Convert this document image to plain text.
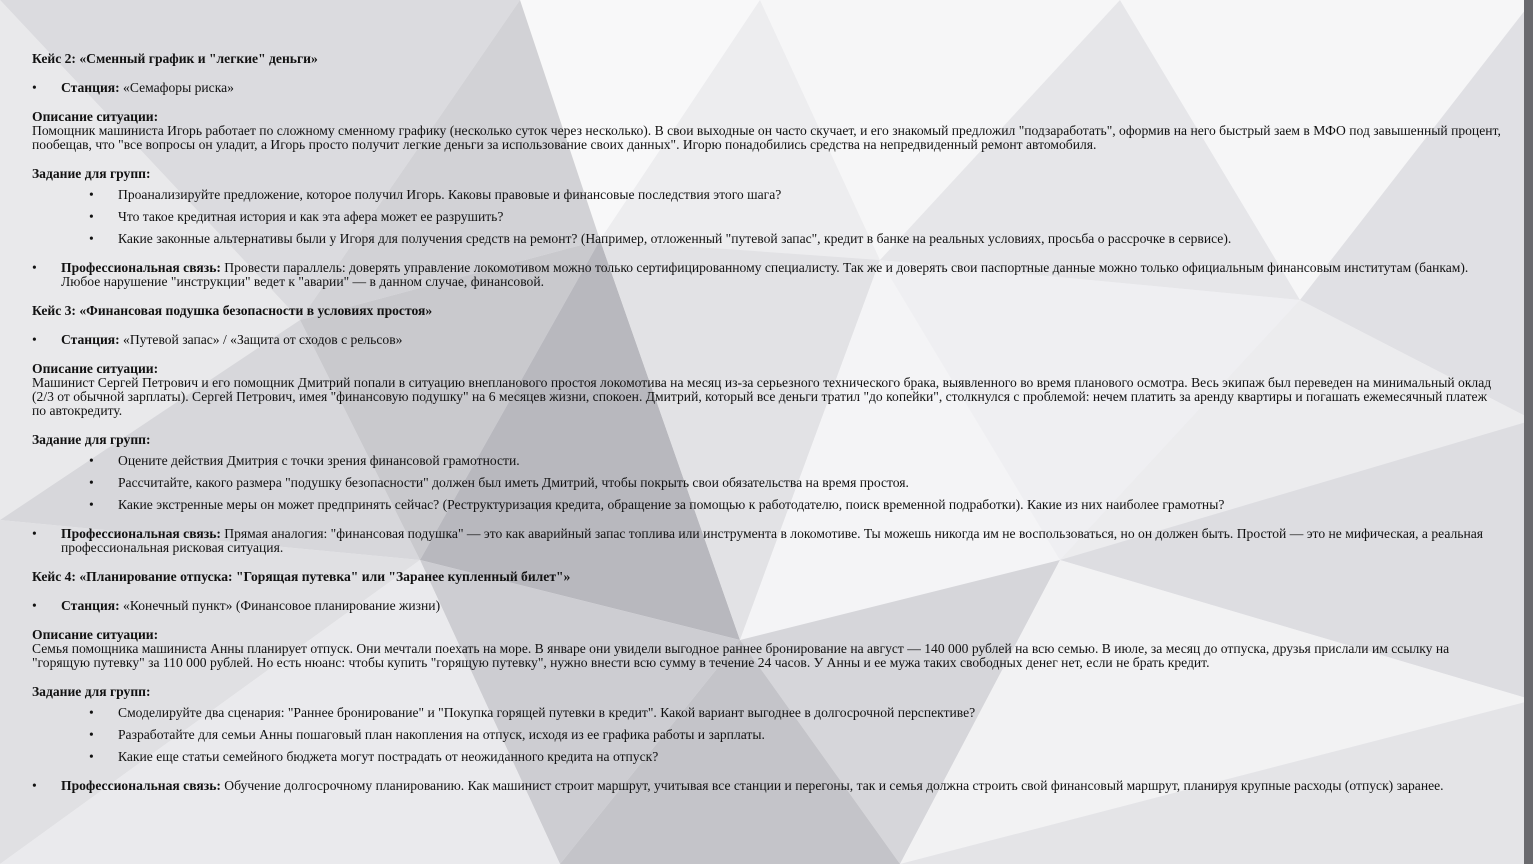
Кейс 2: «Сменный график и "легкие" деньги»

•	Станция: «Семафоры риска»

Описание ситуации:

Помощник машиниста Игорь работает по сложному сменному графику (несколько суток через несколько). В свои выходные он часто скучает, и его знакомый предложил "подзаработать", оформив на него быстрый заем в МФО под завышенный процент, пообещав, что "все вопросы он уладит, а Игорь просто получит легкие деньги за использование своих данных". Игорю понадобились средства на непредвиденный ремонт автомобиля.

Задание для групп:

• Проанализируйте предложение, которое получил Игорь. Каковы правовые и финансовые последствия этого шага?

• Что такое кредитная история и как эта афера может ее разрушить?

• Какие законные альтернативы были у Игоря для получения средств на ремонт? (Например, отложенный "путевой запас", кредит в банке на реальных условиях, просьба о рассрочке в сервисе).

•	Профессиональная связь: Провести параллель: доверять управление локомотивом можно только сертифицированному специалисту. Так же и доверять свои паспортные данные можно только официальным финансовым институтам (банкам). Любое нарушение "инструкции" ведет к "аварии" — в данном случае, финансовой.

Кейс 3: «Финансовая подушка безопасности в условиях простоя»

•	Станция: «Путевой запас» / «Защита от сходов с рельсов»

Описание ситуации:

Машинист Сергей Петрович и его помощник Дмитрий попали в ситуацию внепланового простоя локомотива на месяц из-за серьезного технического брака, выявленного во время планового осмотра. Весь экипаж был переведен на минимальный оклад (2/3 от обычной зарплаты). Сергей Петрович, имея "финансовую подушку" на 6 месяцев жизни, спокоен. Дмитрий, который все деньги тратил "до копейки", столкнулся с проблемой: нечем платить за аренду квартиры и погашать ежемесячный платеж по автокредиту.

Задание для групп:

• Оцените действия Дмитрия с точки зрения финансовой грамотности.

• Рассчитайте, какого размера "подушку безопасности" должен был иметь Дмитрий, чтобы покрыть свои обязательства на время простоя.

• Какие экстренные меры он может предпринять сейчас? (Реструктуризация кредита, обращение за помощью к работодателю, поиск временной подработки). Какие из них наиболее грамотны?

•	Профессиональная связь: Прямая аналогия: "финансовая подушка" — это как аварийный запас топлива или инструмента в локомотиве. Ты можешь никогда им не воспользоваться, но он должен быть. Простой — это не мифическая, а реальная профессиональная рисковая ситуация.

Кейс 4: «Планирование отпуска: "Горящая путевка" или "Заранее купленный билет"»

•	Станция: «Конечный пункт» (Финансовое планирование жизни)

Описание ситуации:

Семья помощника машиниста Анны планирует отпуск. Они мечтали поехать на море. В январе они увидели выгодное раннее бронирование на август — 140 000 рублей на всю семью. В июле, за месяц до отпуска, друзья прислали им ссылку на "горящую путевку" за 110 000 рублей. Но есть нюанс: чтобы купить "горящую путевку", нужно внести всю сумму в течение 24 часов. У Анны и ее мужа таких свободных денег нет, если не брать кредит.

Задание для групп:

• Смоделируйте два сценария: "Раннее бронирование" и "Покупка горящей путевки в кредит". Какой вариант выгоднее в долгосрочной перспективе?

• Разработайте для семьи Анны пошаговый план накопления на отпуск, исходя из ее графика работы и зарплаты.

• Какие еще статьи семейного бюджета могут пострадать от неожиданного кредита на отпуск?

•	Профессиональная связь: Обучение долгосрочному планированию. Как машинист строит маршрут, учитывая все станции и перегоны, так и семья должна строить свой финансовый маршрут, планируя крупные расходы (отпуск) заранее.
